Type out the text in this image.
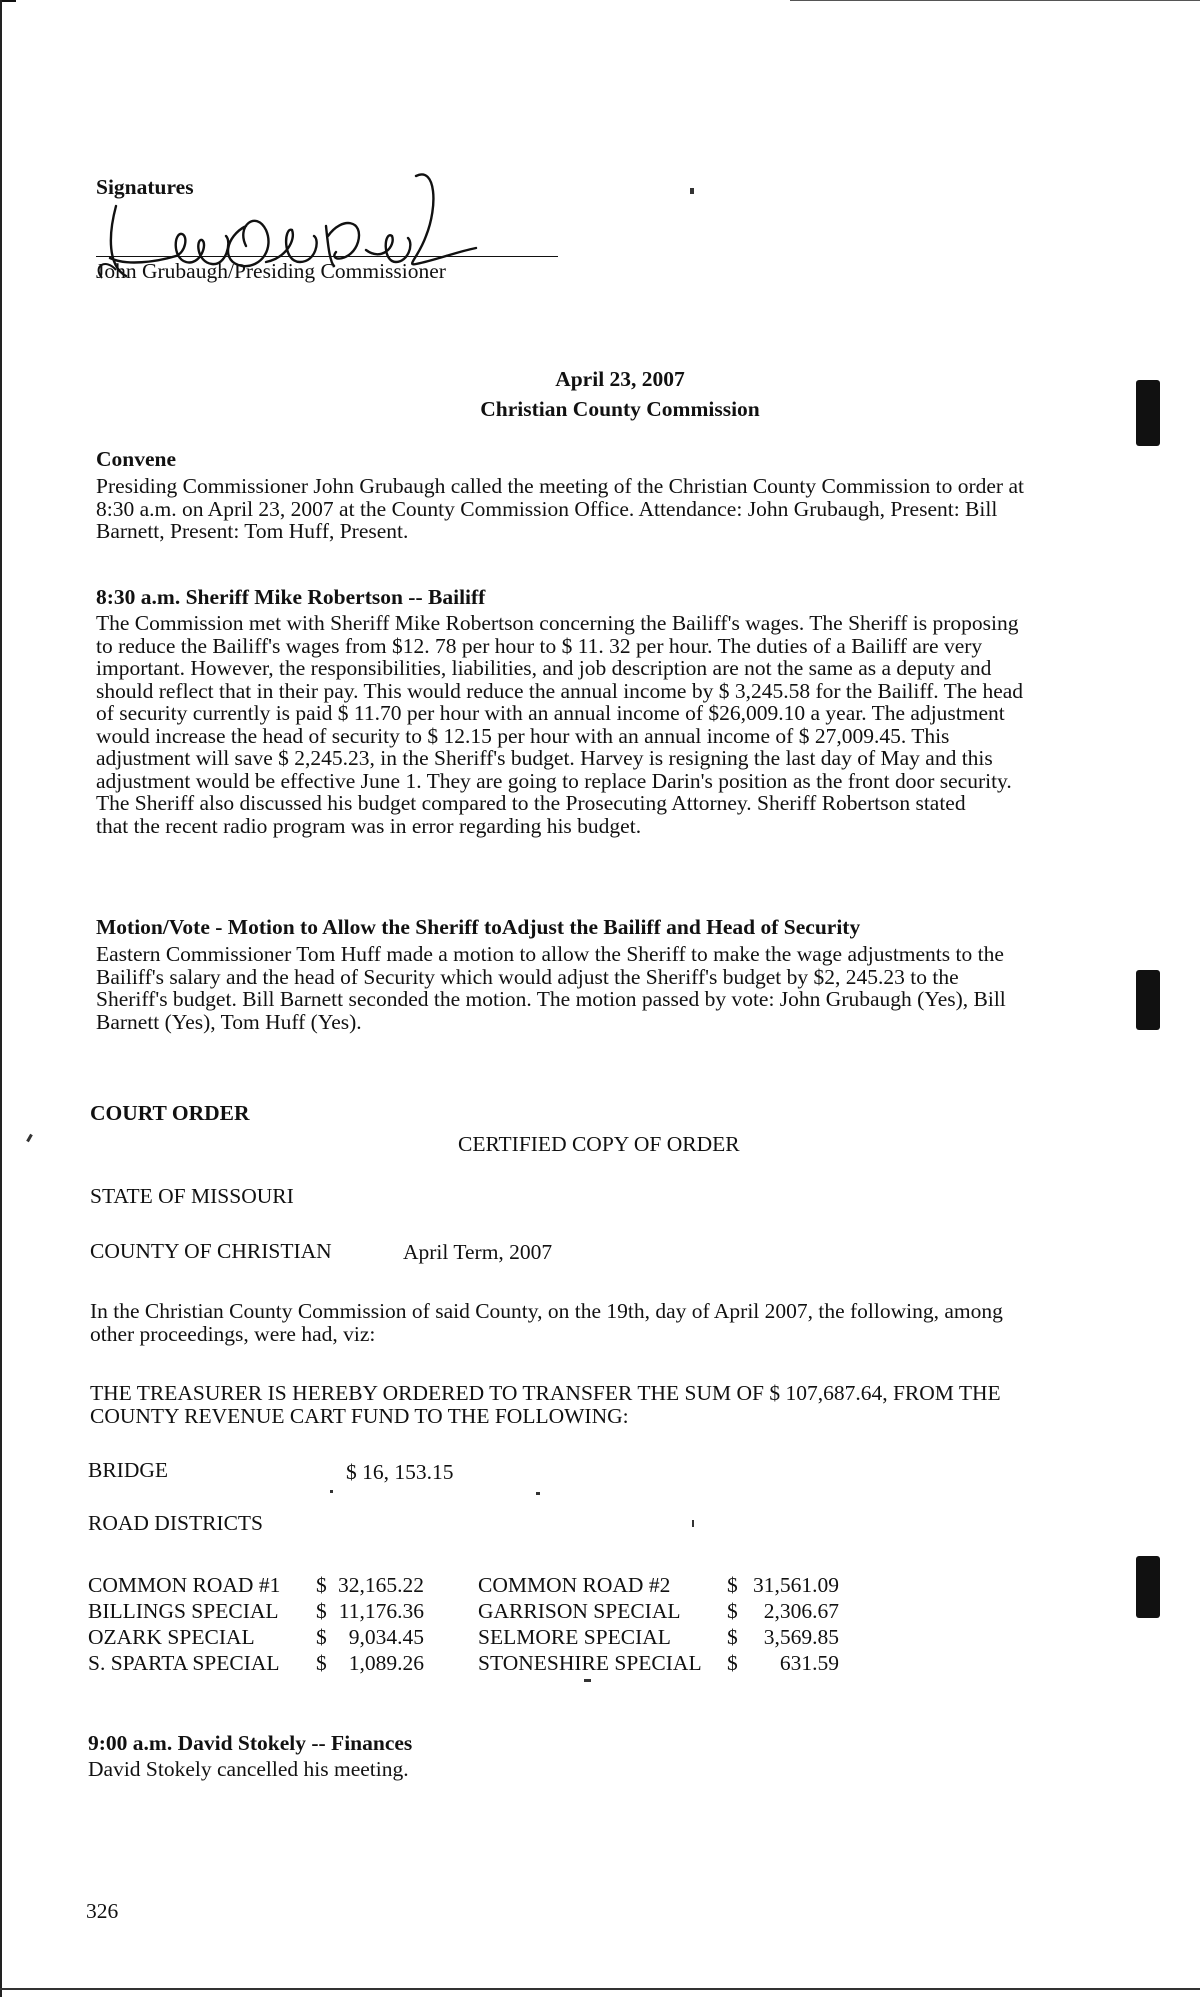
Signatures
John Grubaugh/Presiding Commissioner
April 23, 2007
Christian County Commission
Convene
Presiding Commissioner John Grubaugh called the meeting of the Christian County Commission to order at
8:30 a.m. on April 23, 2007 at the County Commission Office. Attendance: John Grubaugh, Present: Bill
Barnett, Present: Tom Huff, Present.
8:30 a.m. Sheriff Mike Robertson -- Bailiff
The Commission met with Sheriff Mike Robertson concerning the Bailiff's wages. The Sheriff is proposing
to reduce the Bailiff's wages from $12. 78 per hour to $ 11. 32 per hour. The duties of a Bailiff are very
important. However, the responsibilities, liabilities, and job description are not the same as a deputy and
should reflect that in their pay. This would reduce the annual income by $ 3,245.58 for the Bailiff. The head
of security currently is paid $ 11.70 per hour with an annual income of $26,009.10 a year. The adjustment
would increase the head of security to $ 12.15 per hour with an annual income of $ 27,009.45. This
adjustment will save $ 2,245.23, in the Sheriff's budget. Harvey is resigning the last day of May and this
adjustment would be effective June 1. They are going to replace Darin's position as the front door security.
The Sheriff also discussed his budget compared to the Prosecuting Attorney. Sheriff Robertson stated
that the recent radio program was in error regarding his budget.
Motion/Vote - Motion to Allow the Sheriff toAdjust the Bailiff and Head of Security
Eastern Commissioner Tom Huff made a motion to allow the Sheriff to make the wage adjustments to the
Bailiff's salary and the head of Security which would adjust the Sheriff's budget by $2, 245.23 to the
Sheriff's budget. Bill Barnett seconded the motion. The motion passed by vote: John Grubaugh (Yes), Bill
Barnett (Yes), Tom Huff (Yes).
COURT ORDER
CERTIFIED COPY OF ORDER
STATE OF MISSOURI
COUNTY OF CHRISTIAN	April Term, 2007
In the Christian County Commission of said County, on the 19th, day of April 2007, the following, among
other proceedings, were had, viz:
THE TREASURER IS HEREBY ORDERED TO TRANSFER THE SUM OF $ 107,687.64, FROM THE
COUNTY REVENUE CART FUND TO THE FOLLOWING:
BRIDGE	$ 16, 153.15
ROAD DISTRICTS
COMMON ROAD #1	$ 32,165.22	COMMON ROAD #2	$ 31,561.09
BILLINGS SPECIAL	$ 11,176.36	GARRISON SPECIAL	$	2,306.67
OZARK SPECIAL	$	9,034.45	SELMORE SPECIAL	$	3,569.85
S. SPARTA SPECIAL	$	1,089.26	STONESHIRE SPECIAL	$	631.59
9:00 a.m. David Stokely -- Finances
David Stokely cancelled his meeting.
326
